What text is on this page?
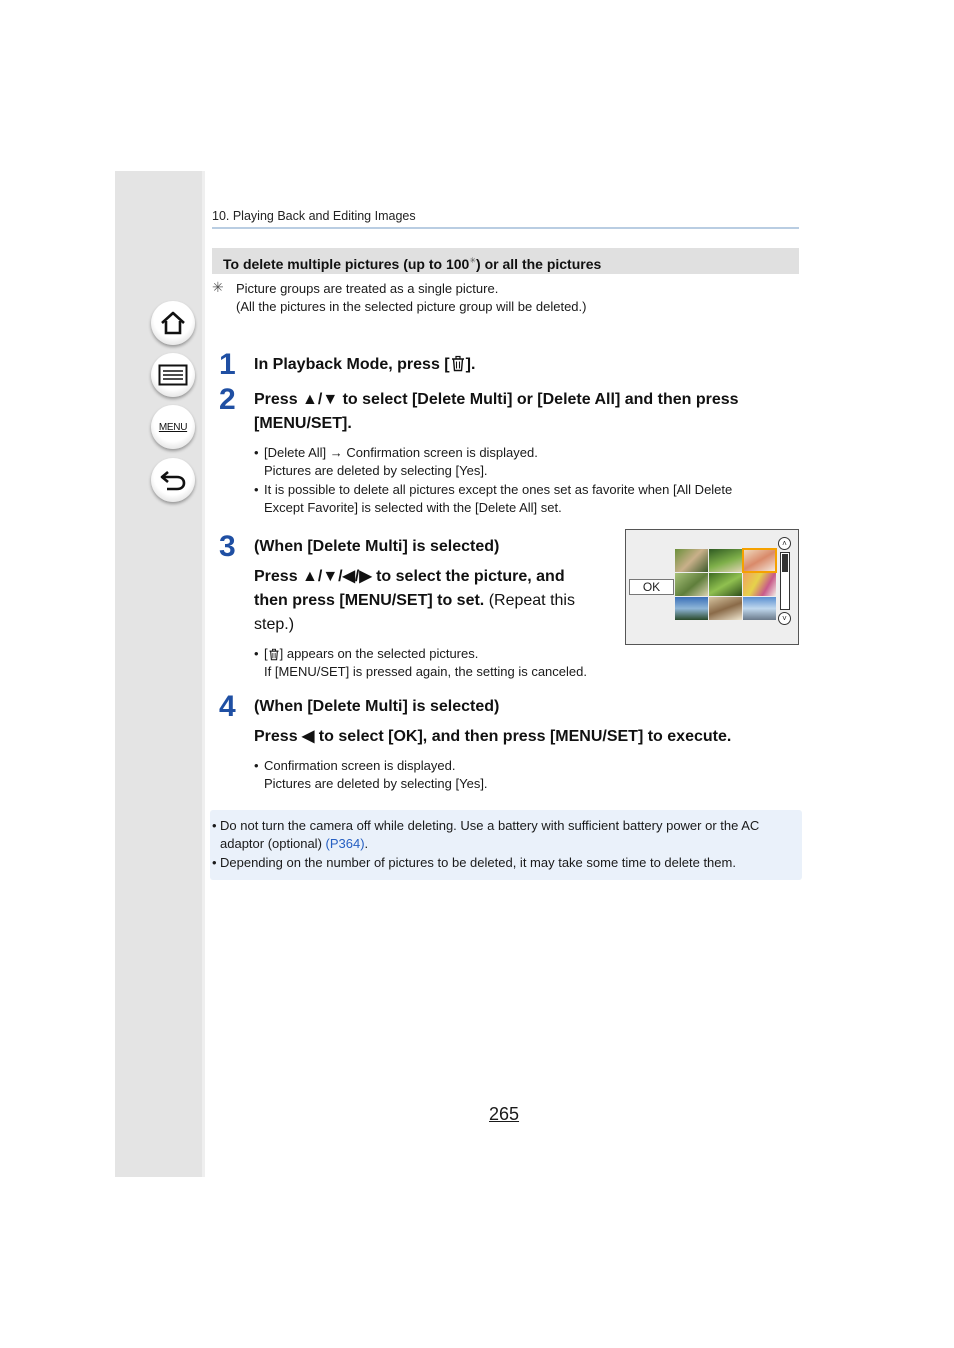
MENU
10. Playing Back and Editing Images
To delete multiple pictures (up to 100✳) or all the pictures
✳ Picture groups are treated as a single picture.
(All the pictures in the selected picture group will be deleted.)
1 In Playback Mode, press [ ].
2 Press ▲/▼ to select [Delete Multi] or [Delete All] and then press
[MENU/SET].
• [Delete All] → Confirmation screen is displayed.
Pictures are deleted by selecting [Yes].
• It is possible to delete all pictures except the ones set as favorite when [All Delete
Except Favorite] is selected with the [Delete All] set.
3 (When [Delete Multi] is selected)
Press ▲/▼/◀/▶ to select the picture, and
then press [MENU/SET] to set. (Repeat this
step.)
OK
˄
˅
• [ ] appears on the selected pictures.
If [MENU/SET] is pressed again, the setting is canceled.
4 (When [Delete Multi] is selected)
Press ◀ to select [OK], and then press [MENU/SET] to execute.
• Confirmation screen is displayed.
Pictures are deleted by selecting [Yes].
• Do not turn the camera off while deleting. Use a battery with sufficient battery power or the AC
adaptor (optional) (P364).
• Depending on the number of pictures to be deleted, it may take some time to delete them.
265
